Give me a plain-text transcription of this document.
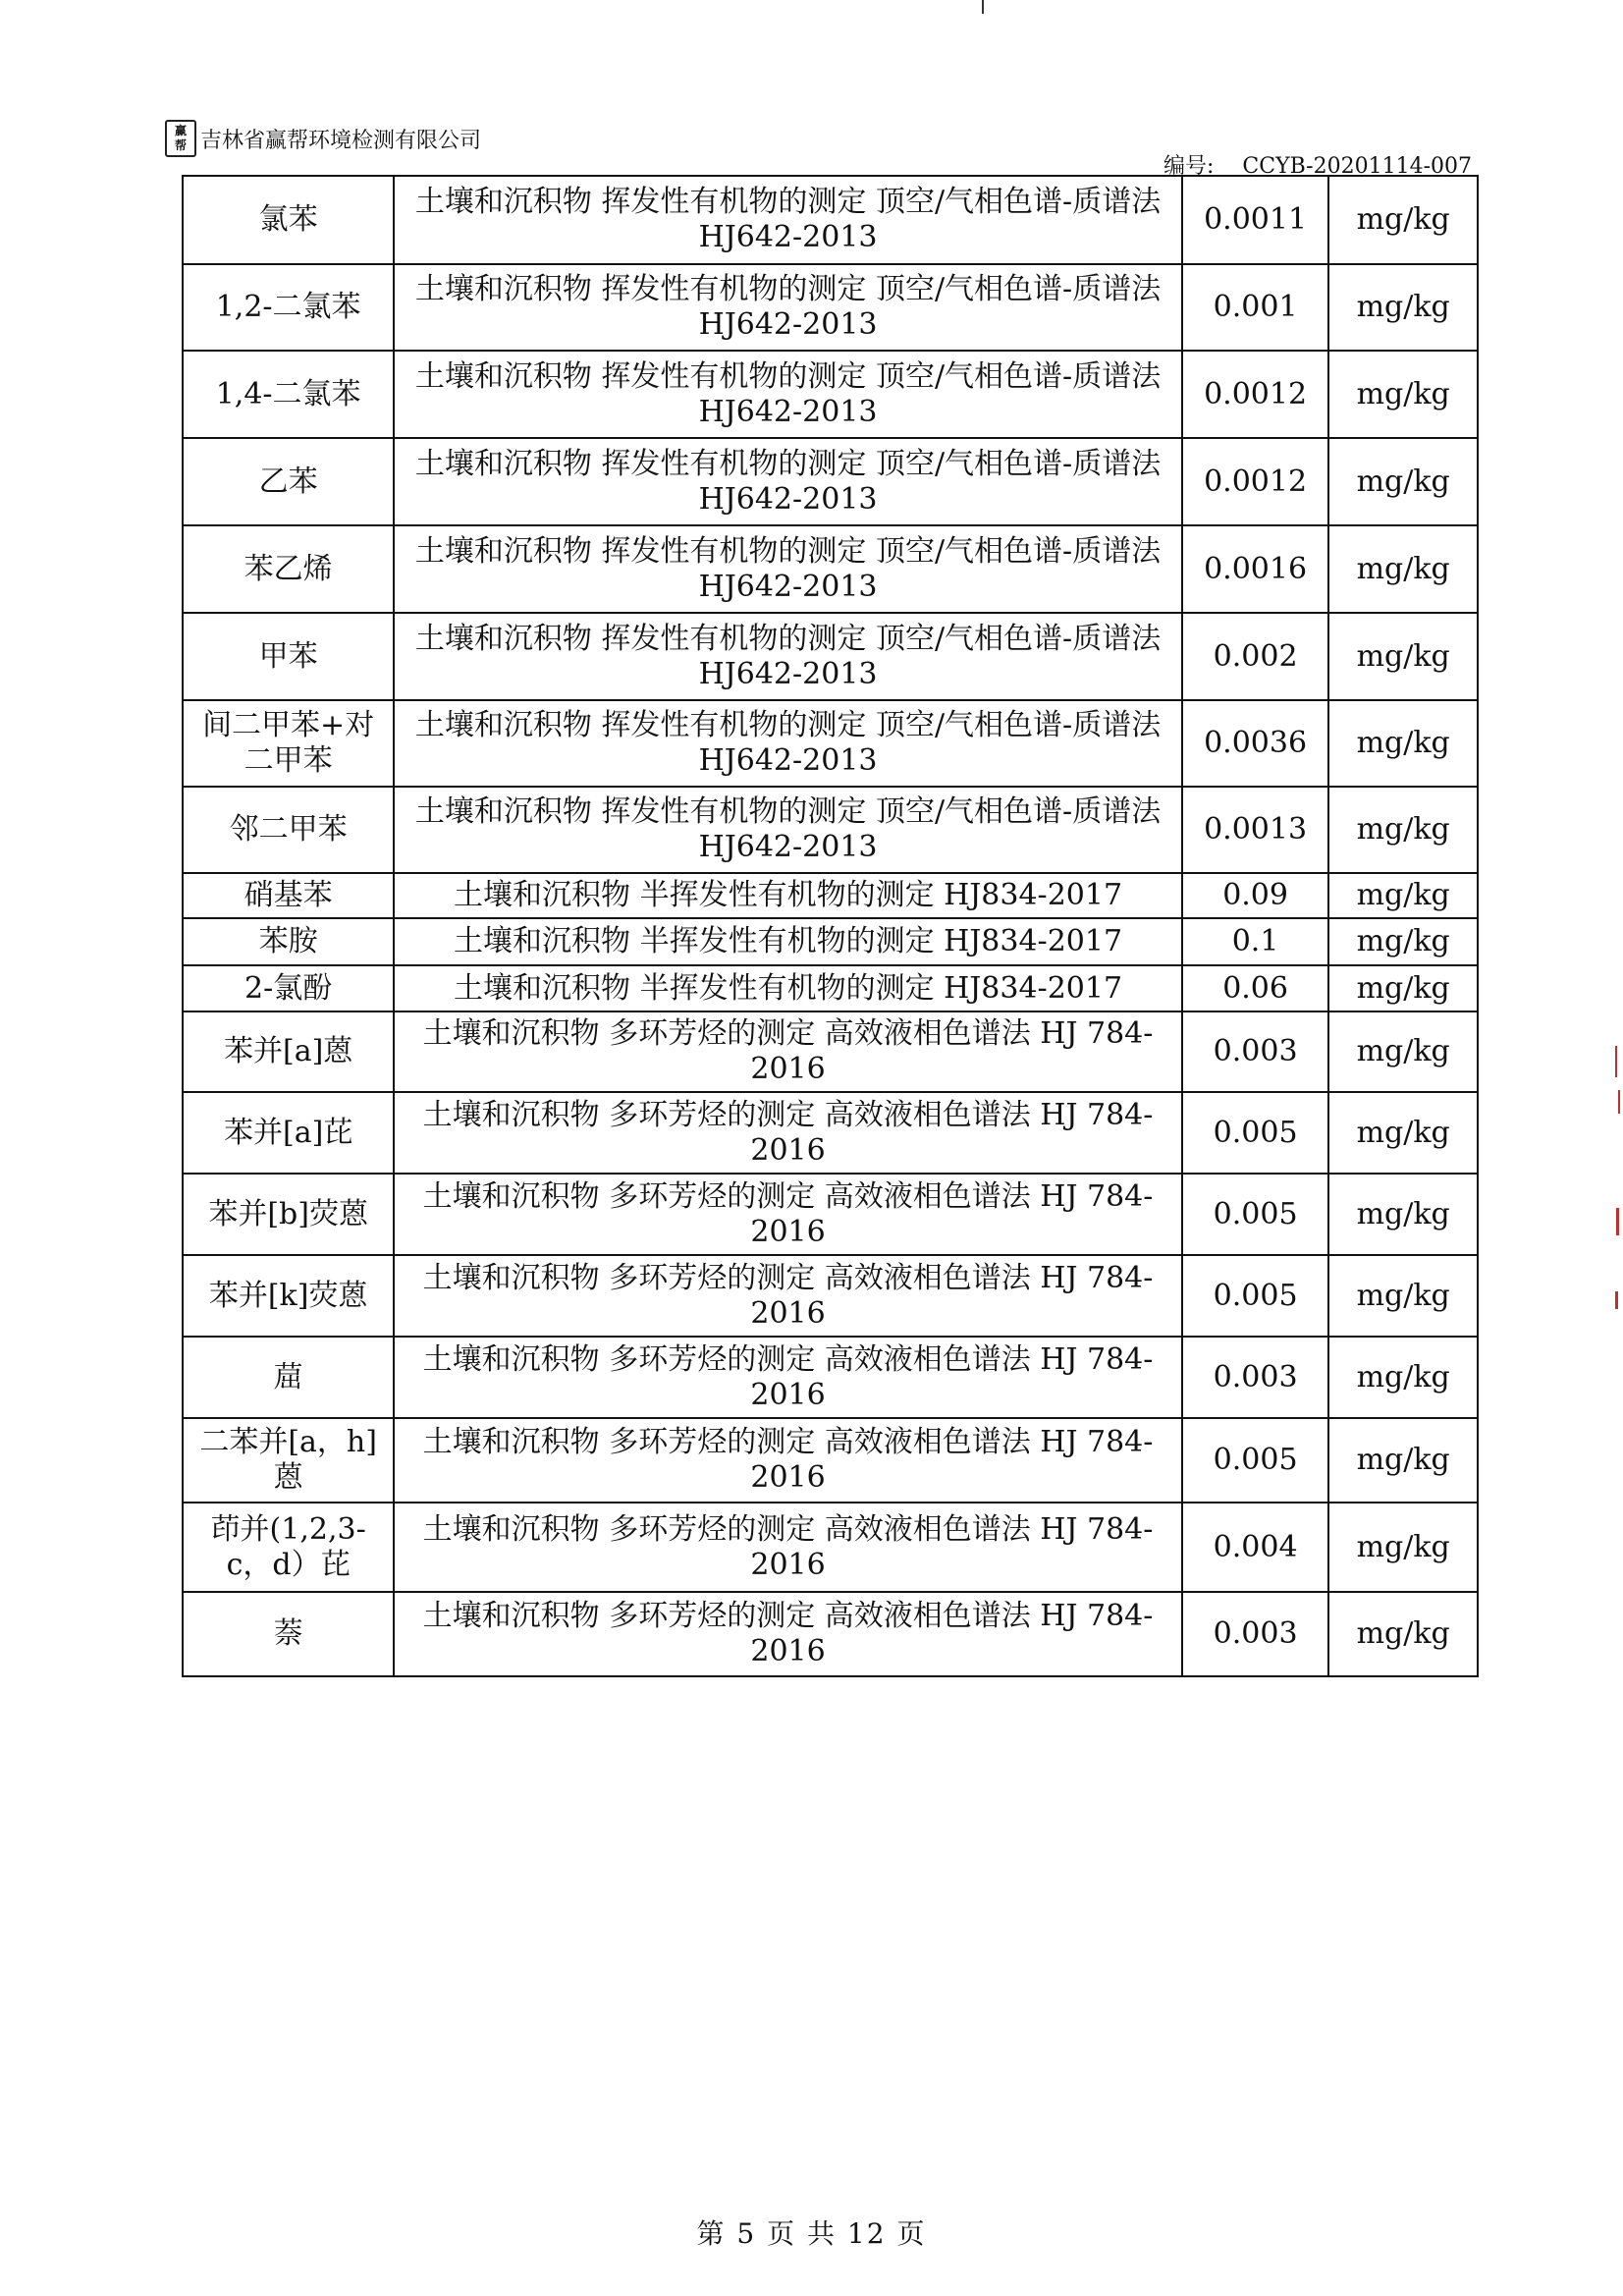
赢
帮 吉林省赢帮环境检测有限公司
编号: CCYB-20201114-007
氯苯	土壤和沉积物 挥发性有机物的测定 顶空/气相色谱-质谱法 HJ642-2013	0.0011	mg/kg
1,2-二氯苯	土壤和沉积物 挥发性有机物的测定 顶空/气相色谱-质谱法 HJ642-2013	0.001	mg/kg
1,4-二氯苯	土壤和沉积物 挥发性有机物的测定 顶空/气相色谱-质谱法 HJ642-2013	0.0012	mg/kg
乙苯	土壤和沉积物 挥发性有机物的测定 顶空/气相色谱-质谱法 HJ642-2013	0.0012	mg/kg
苯乙烯	土壤和沉积物 挥发性有机物的测定 顶空/气相色谱-质谱法 HJ642-2013	0.0016	mg/kg
甲苯	土壤和沉积物 挥发性有机物的测定 顶空/气相色谱-质谱法 HJ642-2013	0.002	mg/kg
间二甲苯+对二甲苯	土壤和沉积物 挥发性有机物的测定 顶空/气相色谱-质谱法 HJ642-2013	0.0036	mg/kg
邻二甲苯	土壤和沉积物 挥发性有机物的测定 顶空/气相色谱-质谱法 HJ642-2013	0.0013	mg/kg
硝基苯	土壤和沉积物 半挥发性有机物的测定 HJ834-2017	0.09	mg/kg
苯胺	土壤和沉积物 半挥发性有机物的测定 HJ834-2017	0.1	mg/kg
2-氯酚	土壤和沉积物 半挥发性有机物的测定 HJ834-2017	0.06	mg/kg
苯并[a]蒽	土壤和沉积物 多环芳烃的测定 高效液相色谱法 HJ 784-2016	0.003	mg/kg
苯并[a]芘	土壤和沉积物 多环芳烃的测定 高效液相色谱法 HJ 784-2016	0.005	mg/kg
苯并[b]荧蒽	土壤和沉积物 多环芳烃的测定 高效液相色谱法 HJ 784-2016	0.005	mg/kg
苯并[k]荧蒽	土壤和沉积物 多环芳烃的测定 高效液相色谱法 HJ 784-2016	0.005	mg/kg
䓛	土壤和沉积物 多环芳烃的测定 高效液相色谱法 HJ 784-2016	0.003	mg/kg
二苯并[a，h]蒽	土壤和沉积物 多环芳烃的测定 高效液相色谱法 HJ 784-2016	0.005	mg/kg
茚并(1,2,3-c，d）芘	土壤和沉积物 多环芳烃的测定 高效液相色谱法 HJ 784-2016	0.004	mg/kg
萘	土壤和沉积物 多环芳烃的测定 高效液相色谱法 HJ 784-2016	0.003	mg/kg
第 5 页 共 12 页
